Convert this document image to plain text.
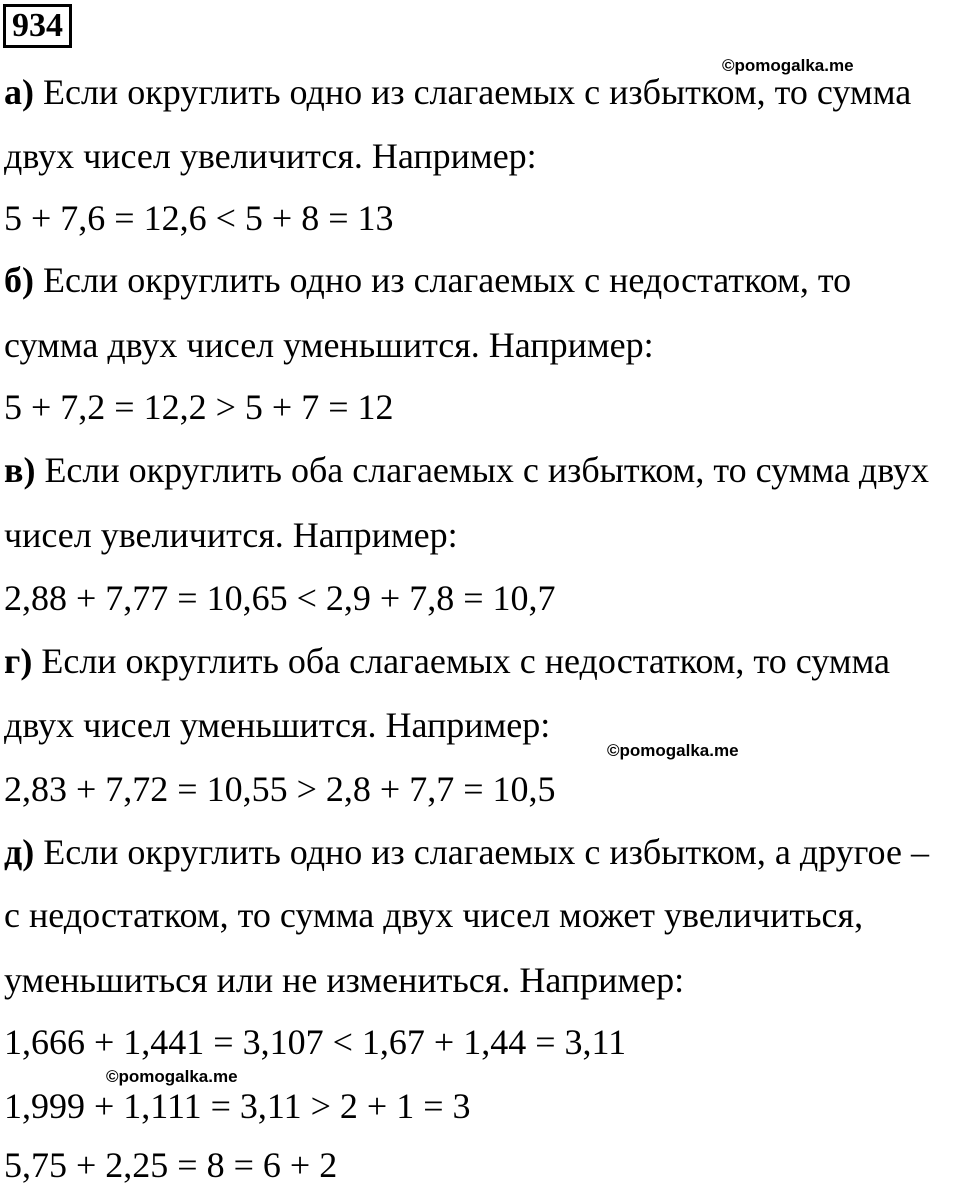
934
©pomogalka.me
©pomogalka.me
©pomogalka.me
а) Если округлить одно из слагаемых с избытком, то сумма
двух чисел увеличится. Например:
5 + 7,6 = 12,6 < 5 + 8 = 13
б) Если округлить одно из слагаемых с недостатком, то
сумма двух чисел уменьшится. Например:
5 + 7,2 = 12,2 > 5 + 7 = 12
в) Если округлить оба слагаемых с избытком, то сумма двух
чисел увеличится. Например:
2,88 + 7,77 = 10,65 < 2,9 + 7,8 = 10,7
г) Если округлить оба слагаемых с недостатком, то сумма
двух чисел уменьшится. Например:
2,83 + 7,72 = 10,55 > 2,8 + 7,7 = 10,5
д) Если округлить одно из слагаемых с избытком, а другое –
с недостатком, то сумма двух чисел может увеличиться,
уменьшиться или не измениться. Например:
1,666 + 1,441 = 3,107 < 1,67 + 1,44 = 3,11
1,999 + 1,111 = 3,11 > 2 + 1 = 3
5,75 + 2,25 = 8 = 6 + 2
